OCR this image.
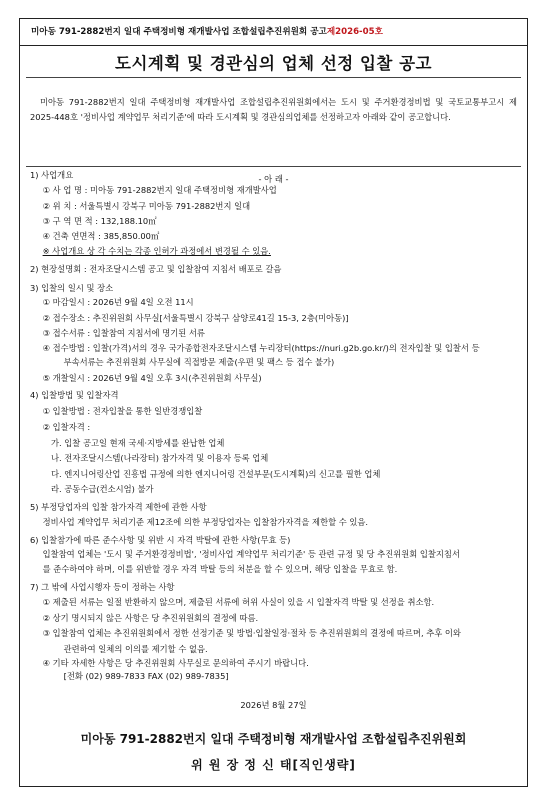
미아동 791-2882번지 일대 주택정비형 재개발사업 조합설립추진위원회 공고제2026-05호
도시계획 및 경관심의 업체 선정 입찰 공고
미아동 791-2882번지 일대 주택정비형 재개발사업 조합설립추진위원회에서는 도시 및 주거환경정비법 및 국토교통부고시 제2025-448호 '정비사업 계약업무 처리기준'에 따라 도시계획 및 경관심의업체를 선정하고자 아래와 같이 공고합니다.
- 아 래 -
1) 사업개요
① 사 업 명 : 미아동 791-2882번지 일대 주택정비형 재개발사업
② 위 치 : 서울특별시 강북구 미아동 791-2882번지 일대
③ 구 역 면 적 : 132,188.10㎡
④ 건축 연면적 : 385,850.00㎡
※ 사업개요 상 각 수치는 각종 인허가 과정에서 변경될 수 있음.
2) 현장설명회 : 전자조달시스템 공고 및 입찰참여 지침서 배포로 갈음
3) 입찰의 일시 및 장소
① 마감일시 : 2026년 9월 4일 오전 11시
② 접수장소 : 추진위원회 사무실[서울특별시 강북구 삼양로41길 15-3, 2층(미아동)]
③ 접수서류 : 입찰참여 지침서에 명기된 서류
④ 접수방법 : 입찰(가격)서의 경우 국가종합전자조달시스템 누리장터(https://nuri.g2b.go.kr/)의 전자입찰 및 입찰서 등
부속서류는 추진위원회 사무실에 직접방문 제출(우편 및 팩스 등 접수 불가)
⑤ 개찰일시 : 2026년 9월 4일 오후 3시(추진위원회 사무실)
4) 입찰방법 및 입찰자격
① 입찰방법 : 전자입찰을 통한 일반경쟁입찰
② 입찰자격 :
가. 입찰 공고일 현재 국세·지방세를 완납한 업체
나. 전자조달시스템(나라장터) 참가자격 및 이용자 등록 업체
다. 엔지니어링산업 진흥법 규정에 의한 엔지니어링 건설부문(도시계획)의 신고를 필한 업체
라. 공동수급(컨소시엄) 불가
5) 부정당업자의 입찰 참가자격 제한에 관한 사항
정비사업 계약업무 처리기준 제12조에 의한 부정당업자는 입찰참가자격을 제한할 수 있음.
6) 입찰참가에 따른 준수사항 및 위반 시 자격 박탈에 관한 사항(무효 등)
입찰참여 업체는 '도시 및 주거환경정비법', '정비사업 계약업무 처리기준' 등 관련 규정 및 당 추진위원회 입찰지침서
를 준수하여야 하며, 이를 위반할 경우 자격 박탈 등의 처분을 할 수 있으며, 해당 입찰을 무효로 함.
7) 그 밖에 사업시행자 등이 정하는 사항
① 제출된 서류는 일절 반환하지 않으며, 제출된 서류에 허위 사실이 있을 시 입찰자격 박탈 및 선정을 취소함.
② 상기 명시되지 않은 사항은 당 추진위원회의 결정에 따름.
③ 입찰참여 업체는 추진위원회에서 정한 선정기준 및 방법·입찰일정·절차 등 추진위원회의 결정에 따르며, 추후 이와
관련하여 일체의 이의를 제기할 수 없음.
④ 기타 자세한 사항은 당 추진위원회 사무실로 문의하여 주시기 바랍니다.
[전화 (02) 989-7833 FAX (02) 989-7835]
2026년 8월 27일
미아동 791-2882번지 일대 주택정비형 재개발사업 조합설립추진위원회
위 원 장 정 신 태[직인생략]
